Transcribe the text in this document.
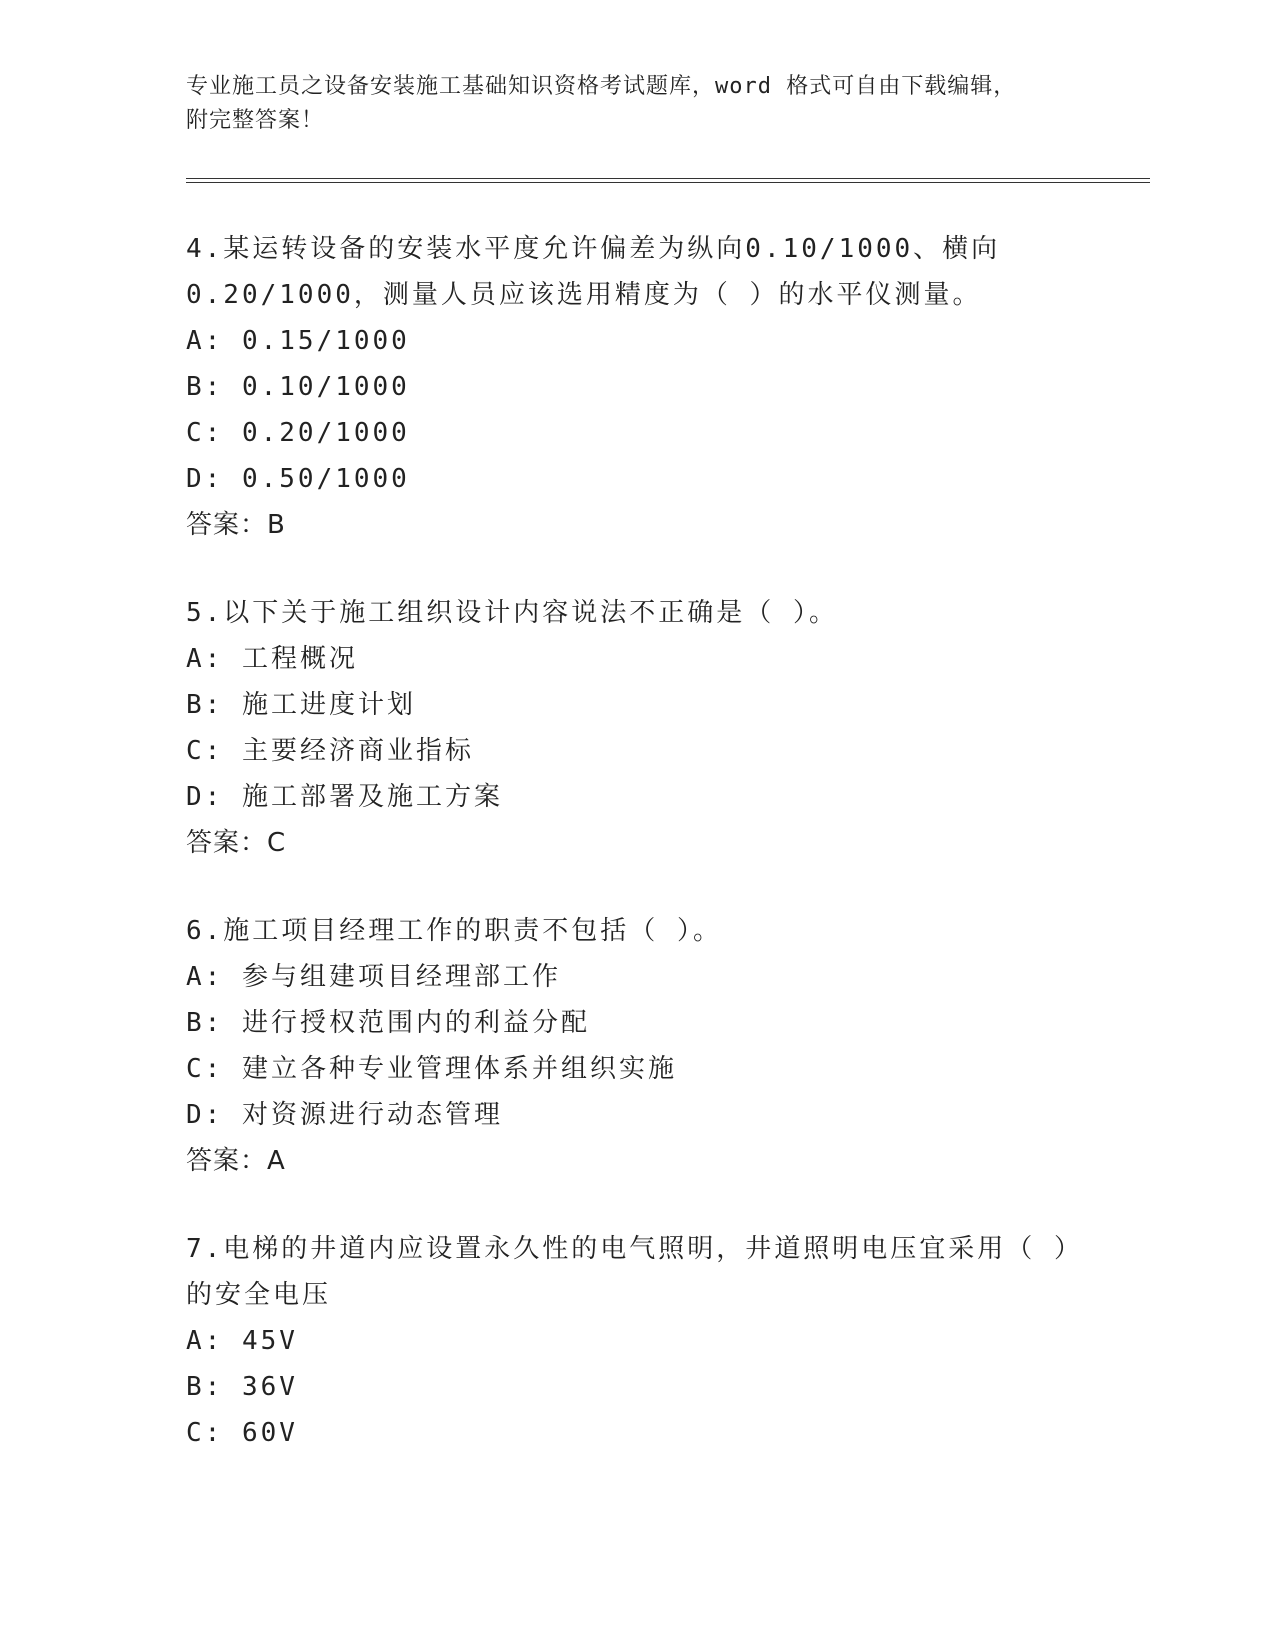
专业施工员之设备安装施工基础知识资格考试题库，word 格式可自由下载编辑，
附完整答案！
4.某运转设备的安装水平度允许偏差为纵向0.10/1000、横向
0.20/1000，测量人员应该选用精度为（ ）的水平仪测量。
A: 0.15/1000
B: 0.10/1000
C: 0.20/1000
D: 0.50/1000
答案：B
5.以下关于施工组织设计内容说法不正确是（ ）。
A: 工程概况
B: 施工进度计划
C: 主要经济商业指标
D: 施工部署及施工方案
答案：C
6.施工项目经理工作的职责不包括（ ）。
A: 参与组建项目经理部工作
B: 进行授权范围内的利益分配
C: 建立各种专业管理体系并组织实施
D: 对资源进行动态管理
答案：A
7.电梯的井道内应设置永久性的电气照明，井道照明电压宜采用（ ）
的安全电压
A: 45V
B: 36V
C: 60V
